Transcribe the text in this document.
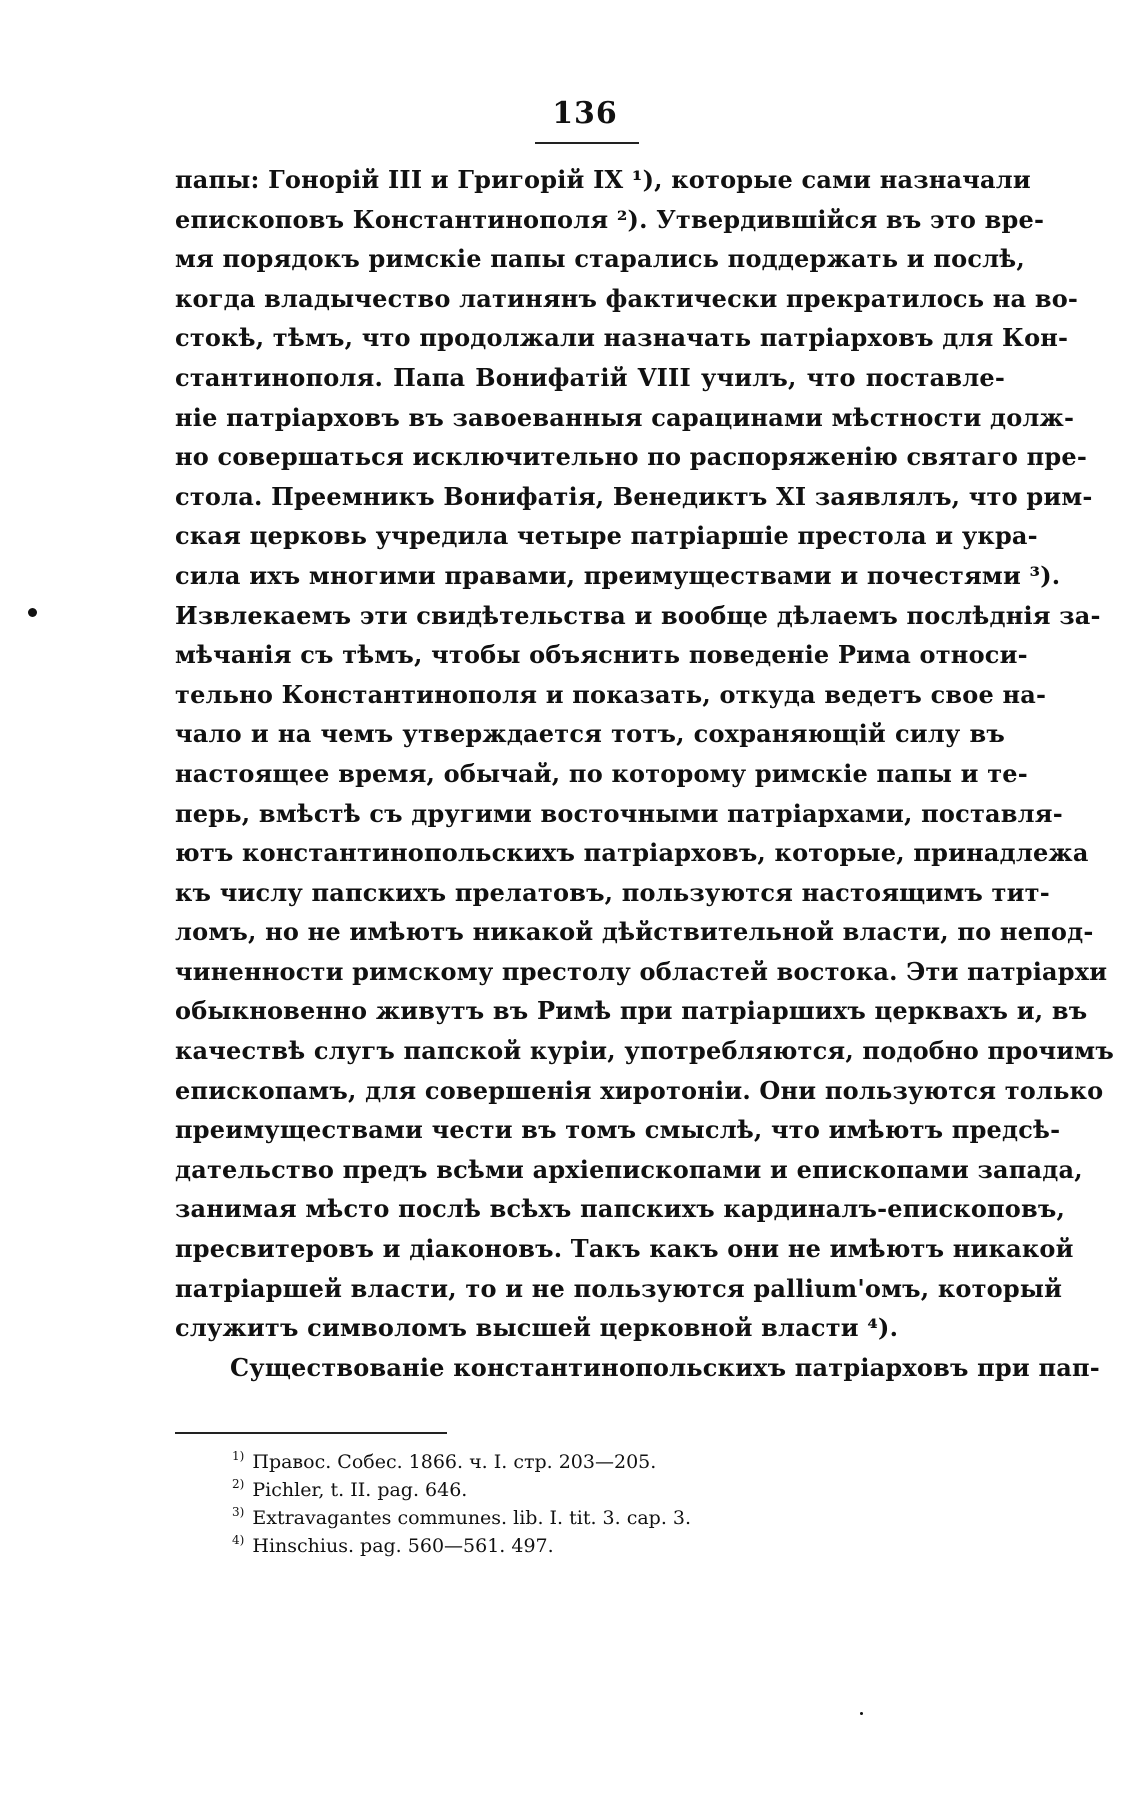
136
папы: Гонорій III и Григорій IX ¹), которые сами назначали
епископовъ Константинополя ²). Утвердившійся въ это вре-
мя порядокъ римскіе папы старались поддержать и послѣ,
когда владычество латинянъ фактически прекратилось на во-
стокѣ, тѣмъ, что продолжали назначать патріарховъ для Кон-
стантинополя. Папа Вонифатій VIII училъ, что поставле-
ніе патріарховъ въ завоеванныя сарацинами мѣстности долж-
но совершаться исключительно по распоряженію святаго пре-
стола. Преемникъ Вонифатія, Венедиктъ XI заявлялъ, что рим-
ская церковь учредила четыре патріаршіе престола и укра-
сила ихъ многими правами, преимуществами и почестями ³).
Извлекаемъ эти свидѣтельства и вообще дѣлаемъ послѣднія за-
мѣчанія съ тѣмъ, чтобы объяснить поведеніе Рима относи-
тельно Константинополя и показать, откуда ведетъ свое на-
чало и на чемъ утверждается тотъ, сохраняющій силу въ
настоящее время, обычай, по которому римскіе папы и те-
перь, вмѣстѣ съ другими восточными патріархами, поставля-
ютъ константинопольскихъ патріарховъ, которые, принадлежа
къ числу папскихъ прелатовъ, пользуются настоящимъ тит-
ломъ, но не имѣютъ никакой дѣйствительной власти, по непод-
чиненности римскому престолу областей востока. Эти патріархи
обыкновенно живутъ въ Римѣ при патріаршихъ церквахъ и, въ
качествѣ слугъ папской куріи, употребляются, подобно прочимъ
епископамъ, для совершенія хиротоніи. Они пользуются только
преимуществами чести въ томъ смыслѣ, что имѣютъ предсѣ-
дательство предъ всѣми архіепископами и епископами запада,
занимая мѣсто послѣ всѣхъ папскихъ кардиналъ-епископовъ,
пресвитеровъ и діаконовъ. Такъ какъ они не имѣютъ никакой
патріаршей власти, то и не пользуются pallium'омъ, который
служитъ символомъ высшей церковной власти ⁴).
Существованіе константинопольскихъ патріарховъ при пап-
$^{1)}$ Правос. Собес. 1866. ч. I. стр. 203—205.
$^{2)}$ Pichler, t. II. pag. 646.
$^{3)}$ Extravagantes communes. lib. I. tit. 3. cap. 3.
$^{4)}$ Hinschius. pag. 560—561. 497.
